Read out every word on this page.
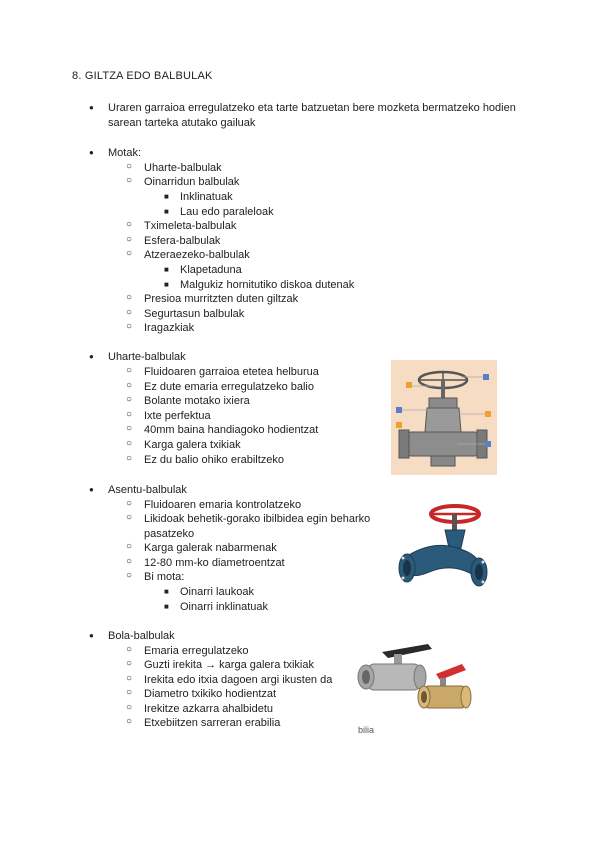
8. GILTZA EDO BALBULAK
● Uraren garraioa erregulatzeko eta tarte batzuetan bere mozketa bermatzeko hodien
sarean tarteka atutako gailuak
● Motak:
○ Uharte-balbulak
○ Oinarridun balbulak
■ Inklinatuak
■ Lau edo paraleloak
○ Tximeleta-balbulak
○ Esfera-balbulak
○ Atzeraezeko-balbulak
■ Klapetaduna
■ Malgukiz hornitutiko diskoa dutenak
○ Presioa murritzten duten giltzak
○ Segurtasun balbulak
○ Iragazkiak
● Uharte-balbulak
○ Fluidoaren garraioa etetea helburua
○ Ez dute emaria erregulatzeko balio
○ Bolante motako ixiera
○ Ixte perfektua
○ 40mm baina handiagoko hodientzat
○ Karga galera txikiak
○ Ez du balio ohiko erabiltzeko
● Asentu-balbulak
○ Fluidoaren emaria kontrolatzeko
○ Likidoak behetik-gorako ibilbidea egin beharko
pasatzeko
○ Karga galerak nabarmenak
○ 12-80 mm-ko diametroentzat
○ Bi mota:
■ Oinarri laukoak
■ Oinarri inklinatuak
● Bola-balbulak
○ Emaria erregulatzeko
○ Guzti irekita → karga galera txikiak
○ Irekita edo itxia dagoen argi ikusten da
○ Diametro txikiko hodientzat
○ Irekitze azkarra ahalbidetu
○ Etxebiitzen sarreran erabilia
bilia
